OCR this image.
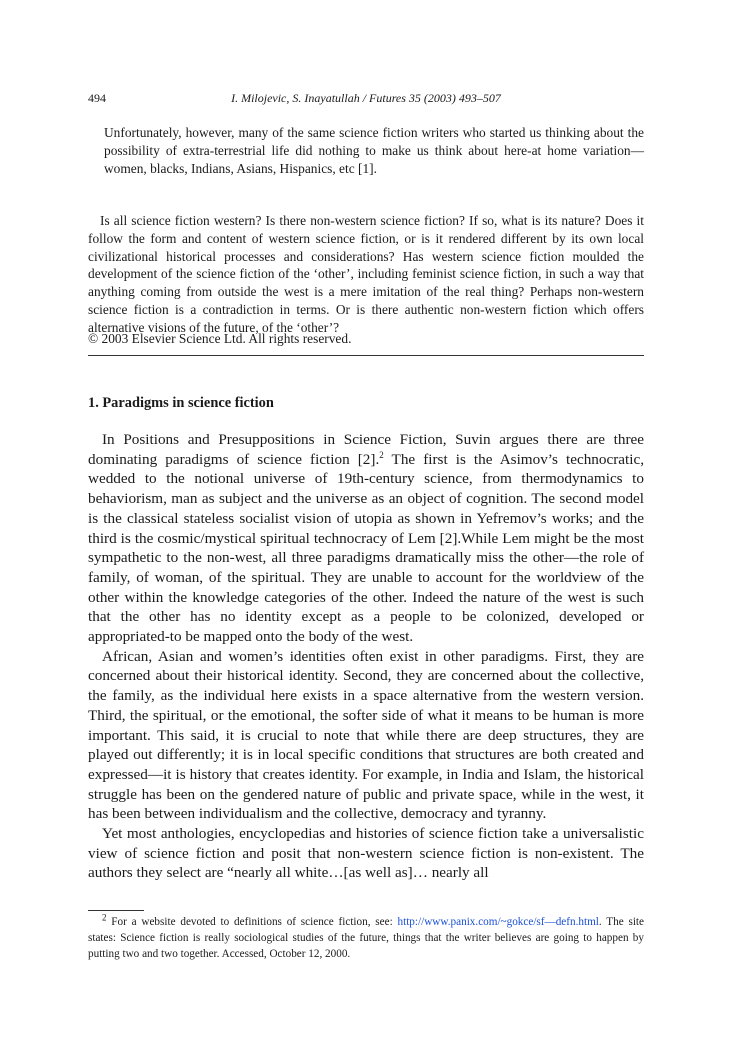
494	I. Milojevic, S. Inayatullah / Futures 35 (2003) 493–507
Unfortunately, however, many of the same science fiction writers who started us thinking about the possibility of extra-terrestrial life did nothing to make us think about here-at home variation—women, blacks, Indians, Asians, Hispanics, etc [1].
Is all science fiction western? Is there non-western science fiction? If so, what is its nature? Does it follow the form and content of western science fiction, or is it rendered different by its own local civilizational historical processes and considerations? Has western science fiction moulded the development of the science fiction of the ‘other’, including feminist science fiction, in such a way that anything coming from outside the west is a mere imitation of the real thing? Perhaps non-western science fiction is a contradiction in terms. Or is there authentic non-western fiction which offers alternative visions of the future, of the ‘other’?
© 2003 Elsevier Science Ltd. All rights reserved.
1. Paradigms in science fiction

In Positions and Presuppositions in Science Fiction, Suvin argues there are three dominating paradigms of science fiction [2].$^2$ The first is the Asimov’s technocratic, wedded to the notional universe of 19th-century science, from thermodynamics to behaviorism, man as subject and the universe as an object of cognition. The second model is the classical stateless socialist vision of utopia as shown in Yefremov’s works; and the third is the cosmic/mystical spiritual technocracy of Lem [2].While Lem might be the most sympathetic to the non-west, all three paradigms dramatically miss the other—the role of family, of woman, of the spiritual. They are unable to account for the worldview of the other within the knowledge categories of the other. Indeed the nature of the west is such that the other has no identity except as a people to be colonized, developed or appropriated-to be mapped onto the body of the west.

African, Asian and women’s identities often exist in other paradigms. First, they are concerned about their historical identity. Second, they are concerned about the collective, the family, as the individual here exists in a space alternative from the western version. Third, the spiritual, or the emotional, the softer side of what it means to be human is more important. This said, it is crucial to note that while there are deep structures, they are played out differently; it is in local specific conditions that structures are both created and expressed—it is history that creates identity. For example, in India and Islam, the historical struggle has been on the gendered nature of public and private space, while in the west, it has been between individualism and the collective, democracy and tyranny.

Yet most anthologies, encyclopedias and histories of science fiction take a universalistic view of science fiction and posit that non-western science fiction is non-existent. The authors they select are “nearly all white…[as well as]… nearly all

$^2$ For a website devoted to definitions of science fiction, see: http://www.panix.com/~gokce/sf—defn.html. The site states: Science fiction is really sociological studies of the future, things that the writer believes are going to happen by putting two and two together. Accessed, October 12, 2000.
